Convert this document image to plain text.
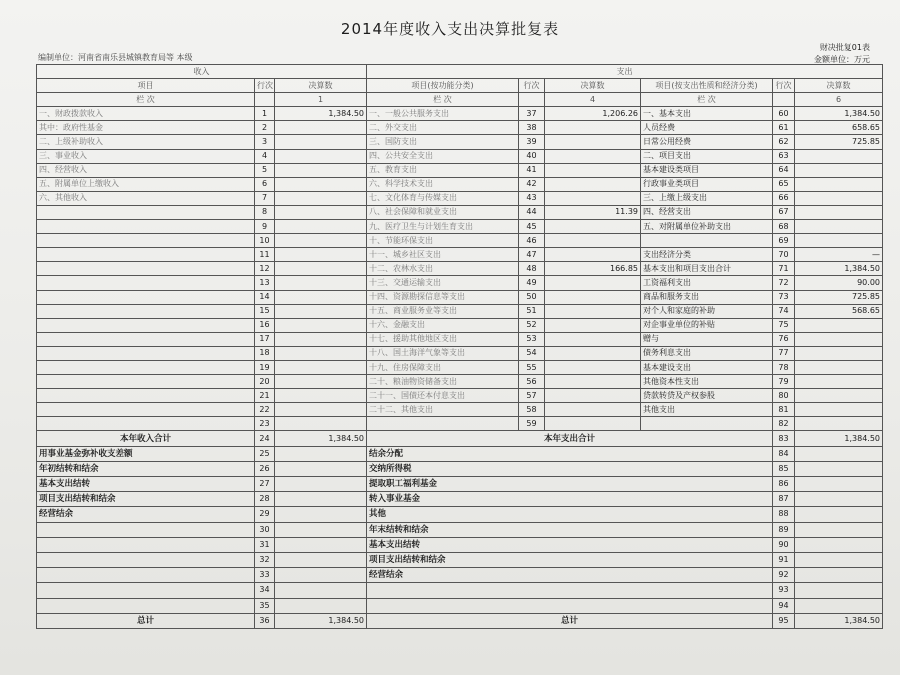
2014年度收入支出决算批复表
编制单位：河南省南乐县城镇教育局等 本级
财决批复01表
金额单位：万元
收入			支出					
项目	行次	决算数	项目(按功能分类)	行次	决算数	项目(按支出性质和经济分类)	行次	决算数
栏 次		1	栏 次		4	栏 次		6
一、财政拨款收入	1	1,384.50	一、一般公共服务支出	37	1,206.26	一、基本支出	60	1,384.50
其中：政府性基金	2		二、外交支出	38		人员经费	61	658.65
二、上级补助收入	3		三、国防支出	39		日常公用经费	62	725.85
三、事业收入	4		四、公共安全支出	40		二、项目支出	63	
四、经营收入	5		五、教育支出	41		基本建设类项目	64	
五、附属单位上缴收入	6		六、科学技术支出	42		行政事业类项目	65	
六、其他收入	7		七、文化体育与传媒支出	43		三、上缴上级支出	66	
	8		八、社会保障和就业支出	44	11.39	四、经营支出	67	
	9		九、医疗卫生与计划生育支出	45		五、对附属单位补助支出	68	
	10		十、节能环保支出	46			69	
	11		十一、城乡社区支出	47		支出经济分类	70	—
	12		十二、农林水支出	48	166.85	基本支出和项目支出合计	71	1,384.50
	13		十三、交通运输支出	49		工资福利支出	72	90.00
	14		十四、资源勘探信息等支出	50		商品和服务支出	73	725.85
	15		十五、商业服务业等支出	51		对个人和家庭的补助	74	568.65
	16		十六、金融支出	52		对企事业单位的补贴	75	
	17		十七、援助其他地区支出	53		赠与	76	
	18		十八、国土海洋气象等支出	54		债务利息支出	77	
	19		十九、住房保障支出	55		基本建设支出	78	
	20		二十、粮油物资储备支出	56		其他资本性支出	79	
	21		二十一、国债还本付息支出	57		贷款转贷及产权参股	80	
	22		二十二、其他支出	58		其他支出	81	
	23			59			82	
本年收入合计	24	1,384.50	本年支出合计				83	1,384.50
用事业基金弥补收支差额	25		结余分配				84	
年初结转和结余	26		交纳所得税				85	
基本支出结转	27		提取职工福利基金				86	
项目支出结转和结余	28		转入事业基金				87	
经营结余	29		其他				88	
	30		年末结转和结余				89	
	31		基本支出结转				90	
	32		项目支出结转和结余				91	
	33		经营结余				92	
	34						93	
	35						94	
总计	36	1,384.50	总计				95	1,384.50
